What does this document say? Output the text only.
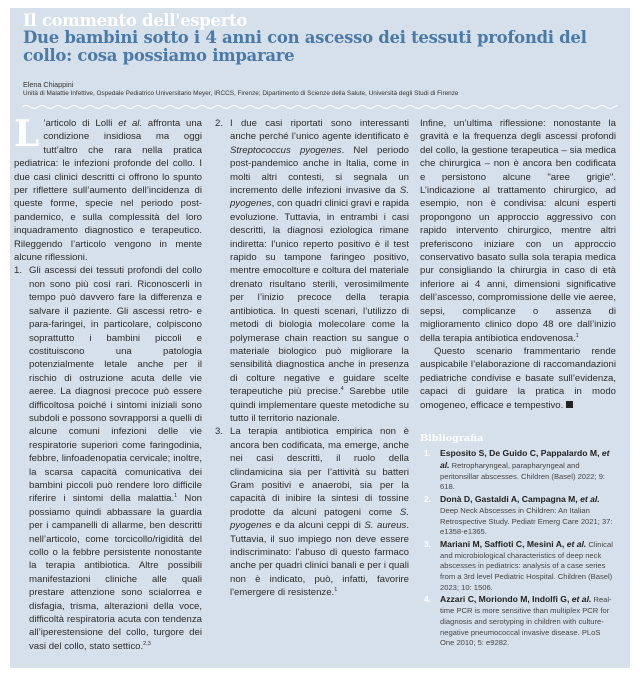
Il commento dell'esperto
Due bambini sotto i 4 anni con ascesso dei tessuti profondi del collo: cosa possiamo imparare
Elena Chiappini
Unità di Malattie Infettive, Ospedale Pediatrico Universitario Meyer, IRCCS, Firenze; Dipartimento di Scienze della Salute, Università degli Studi di Firenze

L ’articolo di Lolli et al. affronta una condizione insidiosa ma oggi tutt’altro che rara nella pratica pediatrica: le infezioni profonde del collo. I due casi clinici descritti ci offrono lo spunto per riflettere sull’aumento dell’incidenza di queste forme, specie nel periodo post-pandemico, e sulla complessità del loro inquadramento diagnostico e terapeutico. Rileggendo l’articolo vengono in mente alcune riflessioni.

1. Gli ascessi dei tessuti profondi del collo non sono più così rari. Riconoscerli in tempo può davvero fare la differenza e salvare il paziente. Gli ascessi retro- e para-faringei, in particolare, colpiscono soprattutto i bambini piccoli e costituiscono una patologia potenzialmente letale anche per il rischio di ostruzione acuta delle vie aeree. La diagnosi precoce può essere difficoltosa poiché i sintomi iniziali sono subdoli e possono sovrapporsi a quelli di alcune comuni infezioni delle vie respiratorie superiori come faringodinia, febbre, linfoadenopatia cervicale; inoltre, la scarsa capacità comunicativa dei bambini piccoli può rendere loro difficile riferire i sintomi della malattia.$^1$ Non possiamo quindi abbassare la guardia per i campanelli di allarme, ben descritti nell’articolo, come torcicollo/rigidità del collo o la febbre persistente nonostante la terapia antibiotica. Altre possibili manifestazioni cliniche alle quali prestare attenzione sono scialorrea e disfagia, trisma, alterazioni della voce, difficoltà respiratoria acuta con tendenza all’iperestensione del collo, turgore dei vasi del collo, stato settico.$^{2,3}$
2. I due casi riportati sono interessanti anche perché l’unico agente identificato è Streptococcus pyogenes. Nel periodo post-pandemico anche in Italia, come in molti altri contesti, si segnala un incremento delle infezioni invasive da S. pyogenes, con quadri clinici gravi e rapida evoluzione. Tuttavia, in entrambi i casi descritti, la diagnosi eziologica rimane indiretta: l’unico reperto positivo è il test rapido su tampone faringeo positivo, mentre emocolture e coltura del materiale drenato risultano sterili, verosimilmente per l’inizio precoce della terapia antibiotica. In questi scenari, l’utilizzo di metodi di biologia molecolare come la polymerase chain reaction su sangue o materiale biologico può migliorare la sensibilità diagnostica anche in presenza di colture negative e guidare scelte terapeutiche più precise.$^4$ Sarebbe utile quindi implementare queste metodiche su tutto il territorio nazionale.
3. La terapia antibiotica empirica non è ancora ben codificata, ma emerge, anche nei casi descritti, il ruolo della clindamicina sia per l’attività su batteri Gram positivi e anaerobi, sia per la capacità di inibire la sintesi di tossine prodotte da alcuni patogeni come S. pyogenes e da alcuni ceppi di S. aureus. Tuttavia, il suo impiego non deve essere indiscriminato: l'abuso di questo farmaco anche per quadri clinici banali e per i quali non è indicato, può, infatti, favorire l'emergere di resistenze.$^1$

Infine, un’ultima riflessione: nonostante la gravità e la frequenza degli ascessi profondi del collo, la gestione terapeutica – sia medica che chirurgica – non è ancora ben codificata e persistono alcune "aree grigie". L’indicazione al trattamento chirurgico, ad esempio, non è condivisa: alcuni esperti propongono un approccio aggressivo con rapido intervento chirurgico, mentre altri preferiscono iniziare con un approccio conservativo basato sulla sola terapia medica pur consigliando la chirurgia in caso di età inferiore ai 4 anni, dimensioni significative dell’ascesso, compromissione delle vie aeree, sepsi, complicanze o assenza di miglioramento clinico dopo 48 ore dall’inizio della terapia antibiotica endovenosa.$^1$

Questo scenario frammentario rende auspicabile l’elaborazione di raccomandazioni pediatriche condivise e basate sull’evidenza, capaci di guidare la pratica in modo omogeneo, efficace e tempestivo.

Bibliografia
1.	Esposito S, De Guido C, Pappalardo M, et al. Retropharyngeal, parapharyngeal and peritonsillar abscesses. Children (Basel) 2022; 9: 618.
2.	Donà D, Gastaldi A, Campagna M, et al. Deep Neck Abscesses in Children: An Italian Retrospective Study. Pediatr Emerg Care 2021; 37: e1358-e1365.
3.	Mariani M, Saffioti C, Mesini A, et al. Clinical and microbiological characteristics of deep neck abscesses in pediatrics: analysis of a case series from a 3rd level Pediatric Hospital. Children (Basel) 2023; 10: 1506.
4.	Azzari C, Moriondo M, Indolfi G, et al. Real-time PCR is more sensitive than multiplex PCR for diagnosis and serotyping in children with culture-negative pneumococcal invasive disease. PLoS One 2010; 5: e9282.
